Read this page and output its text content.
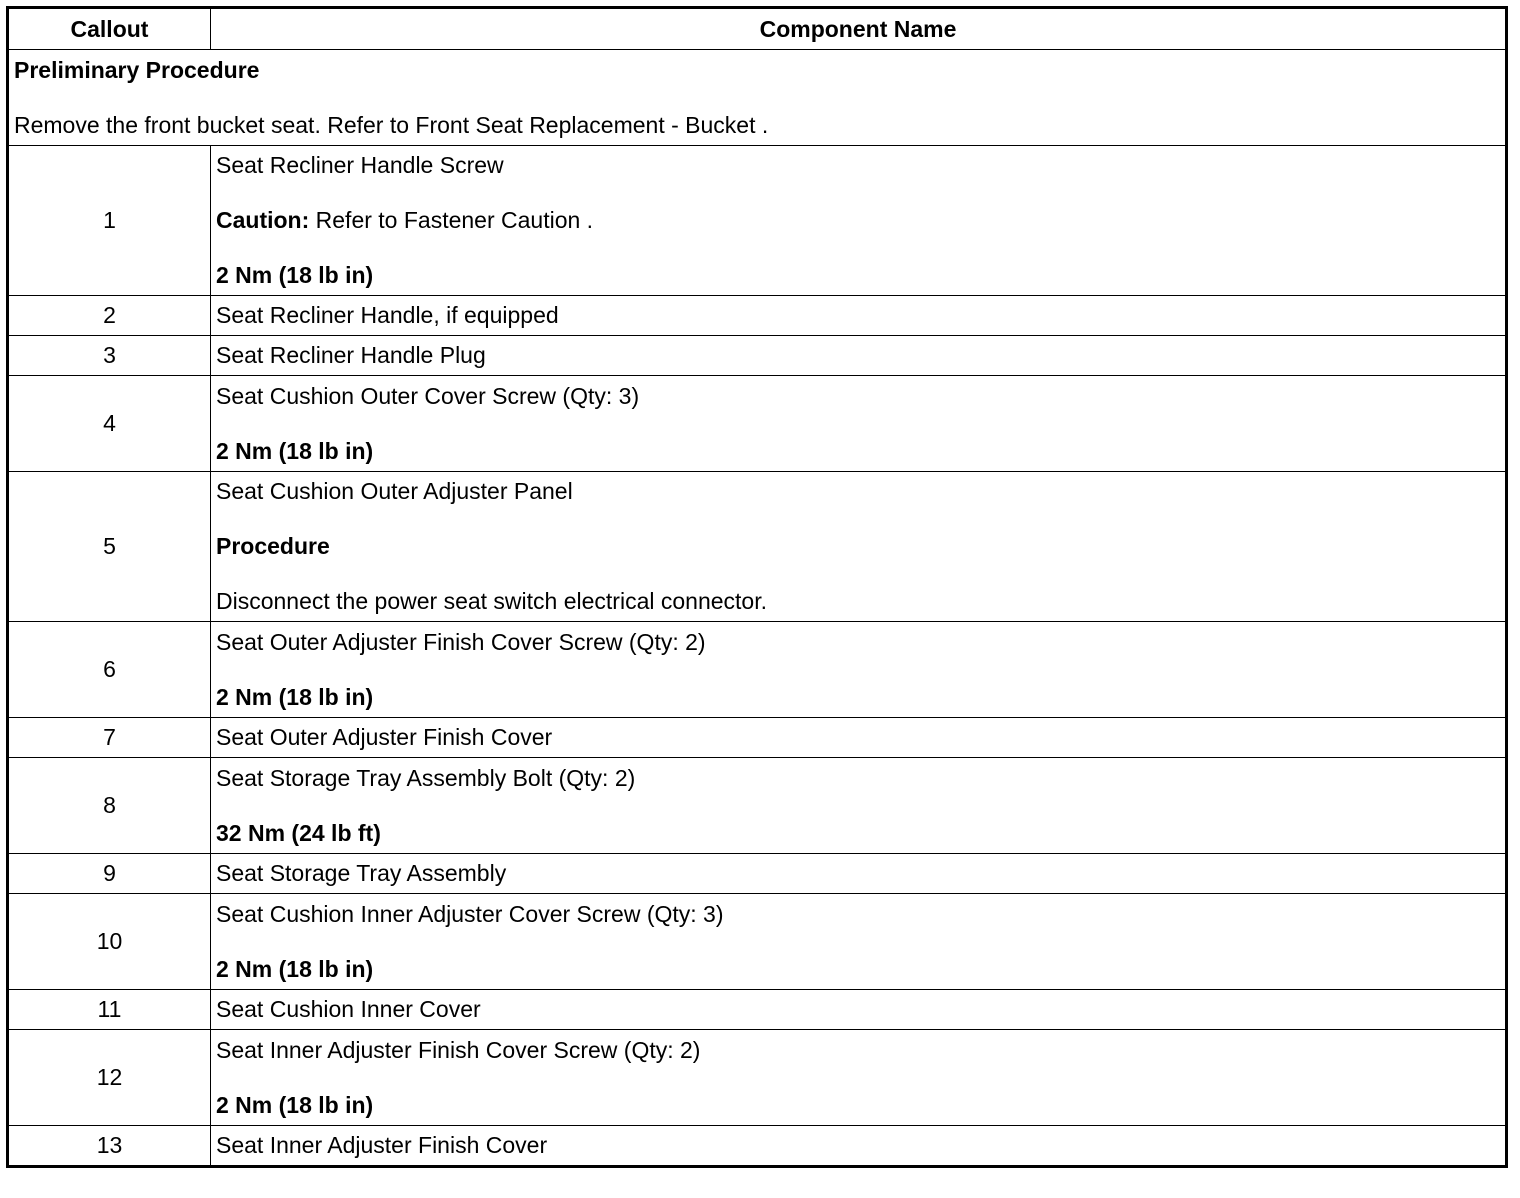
Callout	Component Name

Preliminary Procedure
Remove the front bucket seat. Refer to Front Seat Replacement - Bucket .	

1	Seat Recliner Handle Screw
Caution: Refer to Fastener Caution .
2 Nm (18 lb in)

2	Seat Recliner Handle, if equipped
3	Seat Recliner Handle Plug
4	Seat Cushion Outer Cover Screw (Qty: 3)
2 Nm (18 lb in)

5	Seat Cushion Outer Adjuster Panel
Procedure
Disconnect the power seat switch electrical connector.

6	Seat Outer Adjuster Finish Cover Screw (Qty: 2)
2 Nm (18 lb in)

7	Seat Outer Adjuster Finish Cover
8	Seat Storage Tray Assembly Bolt (Qty: 2)
32 Nm (24 lb ft)

9	Seat Storage Tray Assembly
10	Seat Cushion Inner Adjuster Cover Screw (Qty: 3)
2 Nm (18 lb in)

11	Seat Cushion Inner Cover
12	Seat Inner Adjuster Finish Cover Screw (Qty: 2)
2 Nm (18 lb in)

13	Seat Inner Adjuster Finish Cover
